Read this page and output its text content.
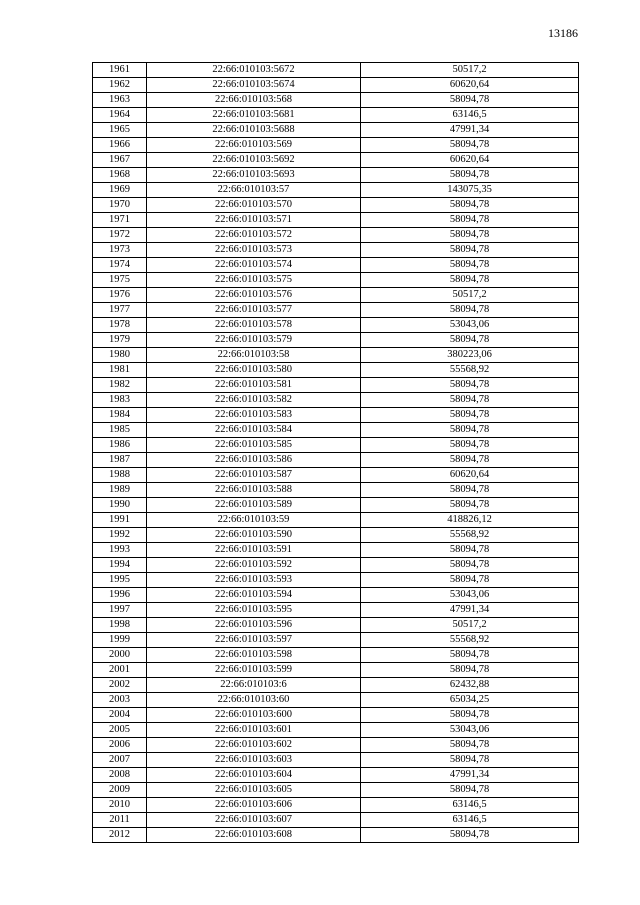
13186
1961	22:66:010103:5672	50517,2
1962	22:66:010103:5674	60620,64
1963	22:66:010103:568	58094,78
1964	22:66:010103:5681	63146,5
1965	22:66:010103:5688	47991,34
1966	22:66:010103:569	58094,78
1967	22:66:010103:5692	60620,64
1968	22:66:010103:5693	58094,78
1969	22:66:010103:57	143075,35
1970	22:66:010103:570	58094,78
1971	22:66:010103:571	58094,78
1972	22:66:010103:572	58094,78
1973	22:66:010103:573	58094,78
1974	22:66:010103:574	58094,78
1975	22:66:010103:575	58094,78
1976	22:66:010103:576	50517,2
1977	22:66:010103:577	58094,78
1978	22:66:010103:578	53043,06
1979	22:66:010103:579	58094,78
1980	22:66:010103:58	380223,06
1981	22:66:010103:580	55568,92
1982	22:66:010103:581	58094,78
1983	22:66:010103:582	58094,78
1984	22:66:010103:583	58094,78
1985	22:66:010103:584	58094,78
1986	22:66:010103:585	58094,78
1987	22:66:010103:586	58094,78
1988	22:66:010103:587	60620,64
1989	22:66:010103:588	58094,78
1990	22:66:010103:589	58094,78
1991	22:66:010103:59	418826,12
1992	22:66:010103:590	55568,92
1993	22:66:010103:591	58094,78
1994	22:66:010103:592	58094,78
1995	22:66:010103:593	58094,78
1996	22:66:010103:594	53043,06
1997	22:66:010103:595	47991,34
1998	22:66:010103:596	50517,2
1999	22:66:010103:597	55568,92
2000	22:66:010103:598	58094,78
2001	22:66:010103:599	58094,78
2002	22:66:010103:6	62432,88
2003	22:66:010103:60	65034,25
2004	22:66:010103:600	58094,78
2005	22:66:010103:601	53043,06
2006	22:66:010103:602	58094,78
2007	22:66:010103:603	58094,78
2008	22:66:010103:604	47991,34
2009	22:66:010103:605	58094,78
2010	22:66:010103:606	63146,5
2011	22:66:010103:607	63146,5
2012	22:66:010103:608	58094,78
